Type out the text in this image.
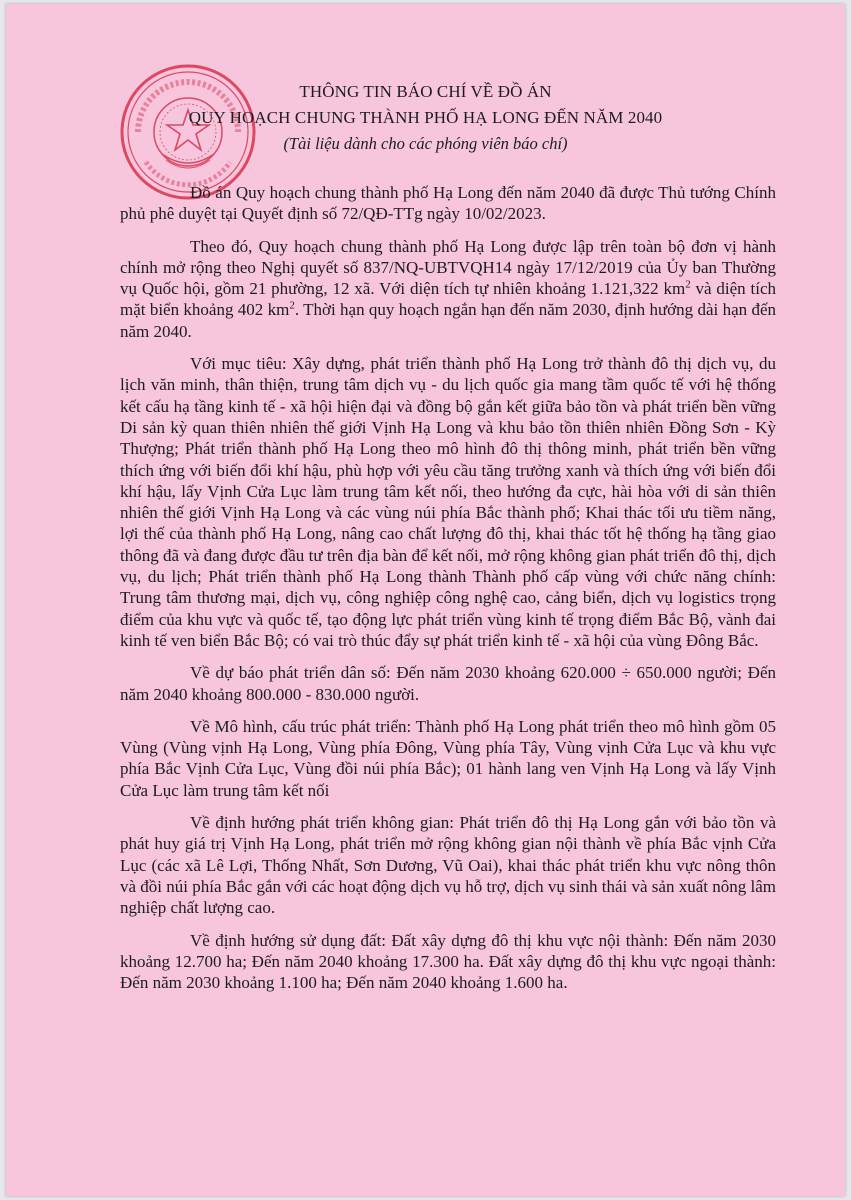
THÔNG TIN BÁO CHÍ VỀ ĐỒ ÁN
QUY HOẠCH CHUNG THÀNH PHỐ HẠ LONG ĐẾN NĂM 2040
(Tài liệu dành cho các phóng viên báo chí)

Đồ án Quy hoạch chung thành phố Hạ Long đến năm 2040 đã được Thủ tướng Chính phủ phê duyệt tại Quyết định số 72/QĐ-TTg ngày 10/02/2023.

Theo đó, Quy hoạch chung thành phố Hạ Long được lập trên toàn bộ đơn vị hành chính mở rộng theo Nghị quyết số 837/NQ-UBTVQH14 ngày 17/12/2019 của Ủy ban Thường vụ Quốc hội, gồm 21 phường, 12 xã. Với diện tích tự nhiên khoảng 1.121,322 $km^2$ và diện tích mặt biển khoảng 402 $km^2$. Thời hạn quy hoạch ngắn hạn đến năm 2030, định hướng dài hạn đến năm 2040.

Với mục tiêu: Xây dựng, phát triển thành phố Hạ Long trở thành đô thị dịch vụ, du lịch văn minh, thân thiện, trung tâm dịch vụ - du lịch quốc gia mang tầm quốc tế với hệ thống kết cấu hạ tầng kinh tế - xã hội hiện đại và đồng bộ gắn kết giữa bảo tồn và phát triển bền vững Di sản kỳ quan thiên nhiên thế giới Vịnh Hạ Long và khu bảo tồn thiên nhiên Đồng Sơn - Kỳ Thượng; Phát triển thành phố Hạ Long theo mô hình đô thị thông minh, phát triển bền vững thích ứng với biến đổi khí hậu, phù hợp với yêu cầu tăng trưởng xanh và thích ứng với biến đổi khí hậu, lấy Vịnh Cửa Lục làm trung tâm kết nối, theo hướng đa cực, hài hòa với di sản thiên nhiên thế giới Vịnh Hạ Long và các vùng núi phía Bắc thành phố; Khai thác tối ưu tiềm năng, lợi thế của thành phố Hạ Long, nâng cao chất lượng đô thị, khai thác tốt hệ thống hạ tầng giao thông đã và đang được đầu tư trên địa bàn để kết nối, mở rộng không gian phát triển đô thị, dịch vụ, du lịch; Phát triển thành phố Hạ Long thành Thành phố cấp vùng với chức năng chính: Trung tâm thương mại, dịch vụ, công nghiệp công nghệ cao, cảng biển, dịch vụ logistics trọng điểm của khu vực và quốc tế, tạo động lực phát triển vùng kinh tế trọng điểm Bắc Bộ, vành đai kinh tế ven biển Bắc Bộ; có vai trò thúc đẩy sự phát triển kinh tế - xã hội của vùng Đông Bắc.

Về dự báo phát triển dân số: Đến năm 2030 khoảng 620.000 ÷ 650.000 người; Đến năm 2040 khoảng 800.000 - 830.000 người.

Về Mô hình, cấu trúc phát triển: Thành phố Hạ Long phát triển theo mô hình gồm 05 Vùng (Vùng vịnh Hạ Long, Vùng phía Đông, Vùng phía Tây, Vùng vịnh Cửa Lục và khu vực phía Bắc Vịnh Cửa Lục, Vùng đồi núi phía Bắc); 01 hành lang ven Vịnh Hạ Long và lấy Vịnh Cửa Lục làm trung tâm kết nối

Về định hướng phát triển không gian: Phát triển đô thị Hạ Long gắn với bảo tồn và phát huy giá trị Vịnh Hạ Long, phát triển mở rộng không gian nội thành về phía Bắc vịnh Cửa Lục (các xã Lê Lợi, Thống Nhất, Sơn Dương, Vũ Oai), khai thác phát triển khu vực nông thôn và đồi núi phía Bắc gắn với các hoạt động dịch vụ hỗ trợ, dịch vụ sinh thái và sản xuất nông lâm nghiệp chất lượng cao.

Về định hướng sử dụng đất: Đất xây dựng đô thị khu vực nội thành: Đến năm 2030 khoảng 12.700 ha; Đến năm 2040 khoảng 17.300 ha. Đất xây dựng đô thị khu vực ngoại thành: Đến năm 2030 khoảng 1.100 ha; Đến năm 2040 khoảng 1.600 ha.
